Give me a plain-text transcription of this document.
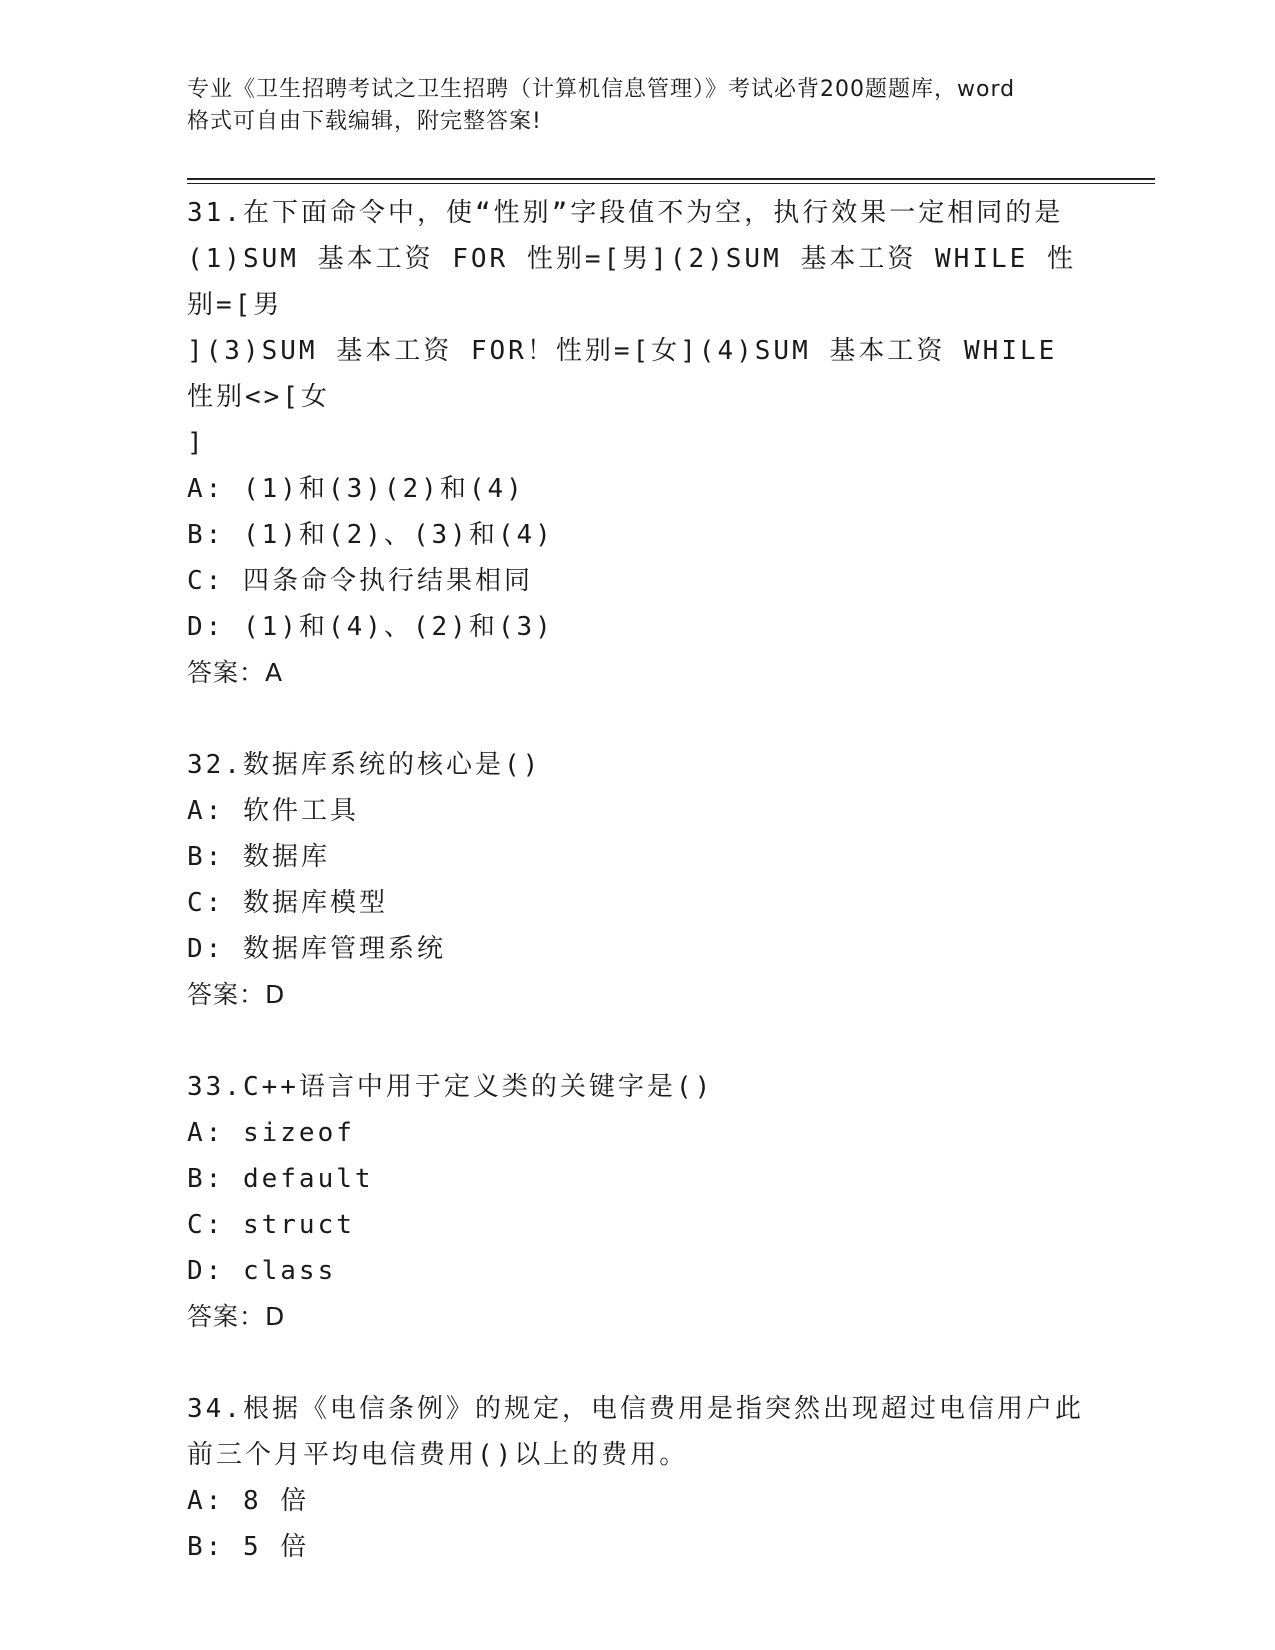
专业《卫生招聘考试之卫生招聘（计算机信息管理）》考试必背200题题库，word
格式可自由下载编辑，附完整答案!
31.在下面命令中，使“性别”字段值不为空，执行效果一定相同的是
(1)SUM 基本工资 FOR 性别=[男](2)SUM 基本工资 WHILE 性别=[男
](3)SUM 基本工资 FOR！性别=[女](4)SUM 基本工资 WHILE 性别<>[女
]
A: (1)和(3)(2)和(4)
B: (1)和(2)、(3)和(4)
C: 四条命令执行结果相同
D: (1)和(4)、(2)和(3)
答案：A
32.数据库系统的核心是()
A: 软件工具
B: 数据库
C: 数据库模型
D: 数据库管理系统
答案：D
33.C++语言中用于定义类的关键字是()
A: sizeof
B: default
C: struct
D: class
答案：D
34.根据《电信条例》的规定，电信费用是指突然出现超过电信用户此
前三个月平均电信费用()以上的费用。
A: 8 倍
B: 5 倍
